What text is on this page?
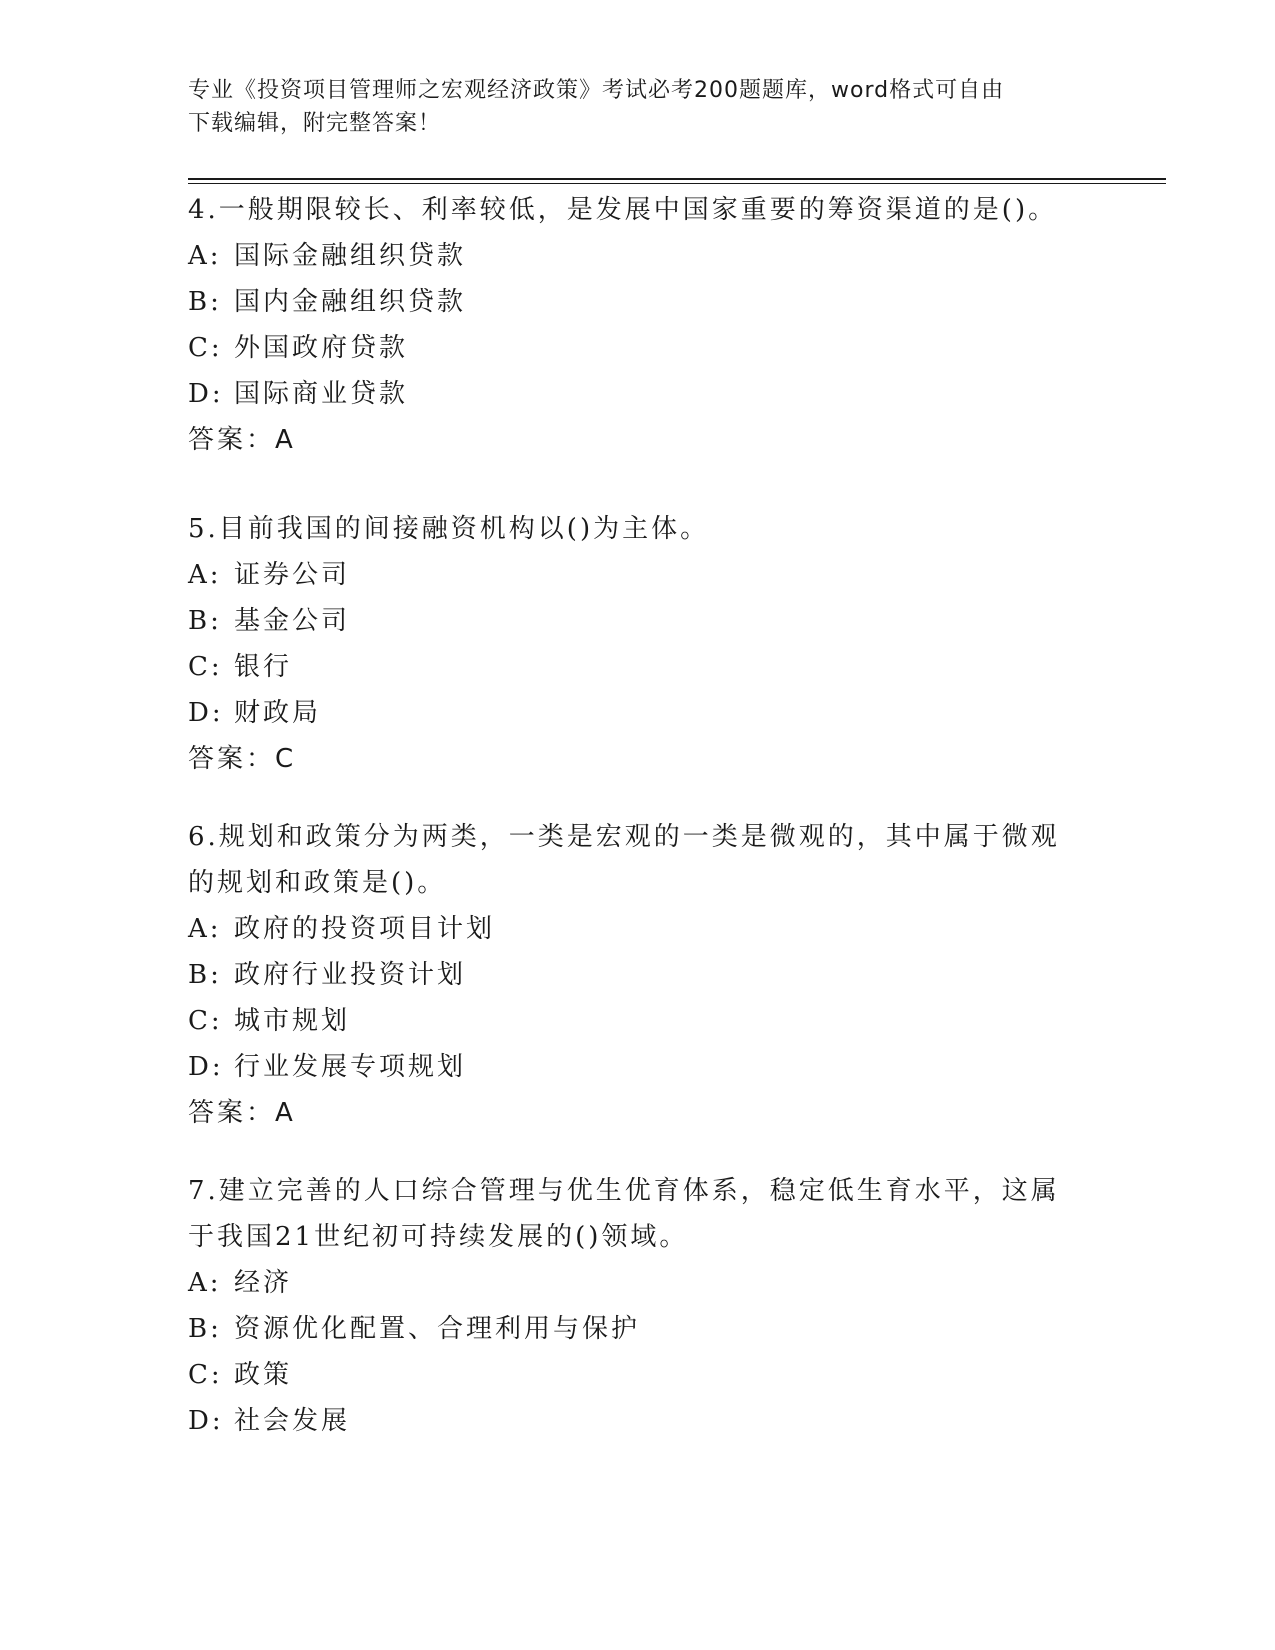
专业《投资项目管理师之宏观经济政策》考试必考200题题库，word格式可自由
下载编辑，附完整答案！
4.一般期限较长、利率较低，是发展中国家重要的筹资渠道的是()。
A: 国际金融组织贷款
B: 国内金融组织贷款
C: 外国政府贷款
D: 国际商业贷款
答案：A
5.目前我国的间接融资机构以()为主体。
A: 证券公司
B: 基金公司
C: 银行
D: 财政局
答案：C
6.规划和政策分为两类，一类是宏观的一类是微观的，其中属于微观
的规划和政策是()。
A: 政府的投资项目计划
B: 政府行业投资计划
C: 城市规划
D: 行业发展专项规划
答案：A
7.建立完善的人口综合管理与优生优育体系，稳定低生育水平，这属
于我国21世纪初可持续发展的()领域。
A: 经济
B: 资源优化配置、合理利用与保护
C: 政策
D: 社会发展
